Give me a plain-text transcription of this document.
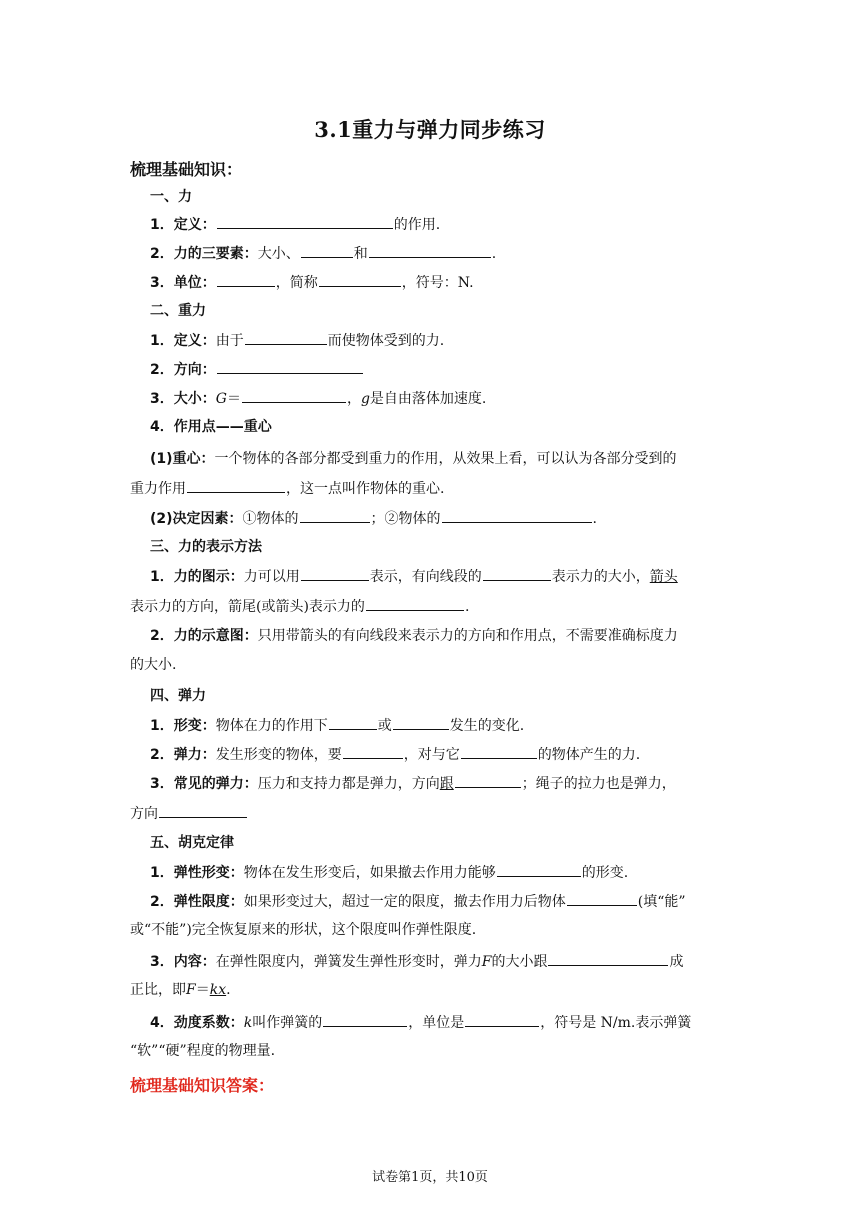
3.1重力与弹力同步练习
梳理基础知识：
一、力
1．定义：	的作用.
2．力的三要素：大小、	和	.
3．单位：	，简称	，符号：N.
二、重力
1．定义：由于	而使物体受到的力.
2．方向：
3．大小：G＝	，g是自由落体加速度.
4．作用点——重心
(1)重心：一个物体的各部分都受到重力的作用，从效果上看，可以认为各部分受到的
重力作用	，这一点叫作物体的重心.
(2)决定因素：①物体的	；②物体的	.
三、力的表示方法
1．力的图示：力可以用	表示，有向线段的	表示力的大小，箭头
表示力的方向，箭尾(或箭头)表示力的	.
2．力的示意图：只用带箭头的有向线段来表示力的方向和作用点，不需要准确标度力
的大小.
四、弹力
1．形变：物体在力的作用下	或	发生的变化.
2．弹力：发生形变的物体，要	，对与它	的物体产生的力.
3．常见的弹力：压力和支持力都是弹力，方向跟	；绳子的拉力也是弹力，
方向
五、胡克定律
1．弹性形变：物体在发生形变后，如果撤去作用力能够	的形变.
2．弹性限度：如果形变过大，超过一定的限度，撤去作用力后物体	(填“能”
或“不能”)完全恢复原来的形状，这个限度叫作弹性限度.
3．内容：在弹性限度内，弹簧发生弹性形变时，弹力F的大小跟	成
正比，即F＝kx.
4．劲度系数：k叫作弹簧的	，单位是	，符号是 N/m.表示弹簧
“软”“硬”程度的物理量.
梳理基础知识答案：
试卷第1页，共10页
